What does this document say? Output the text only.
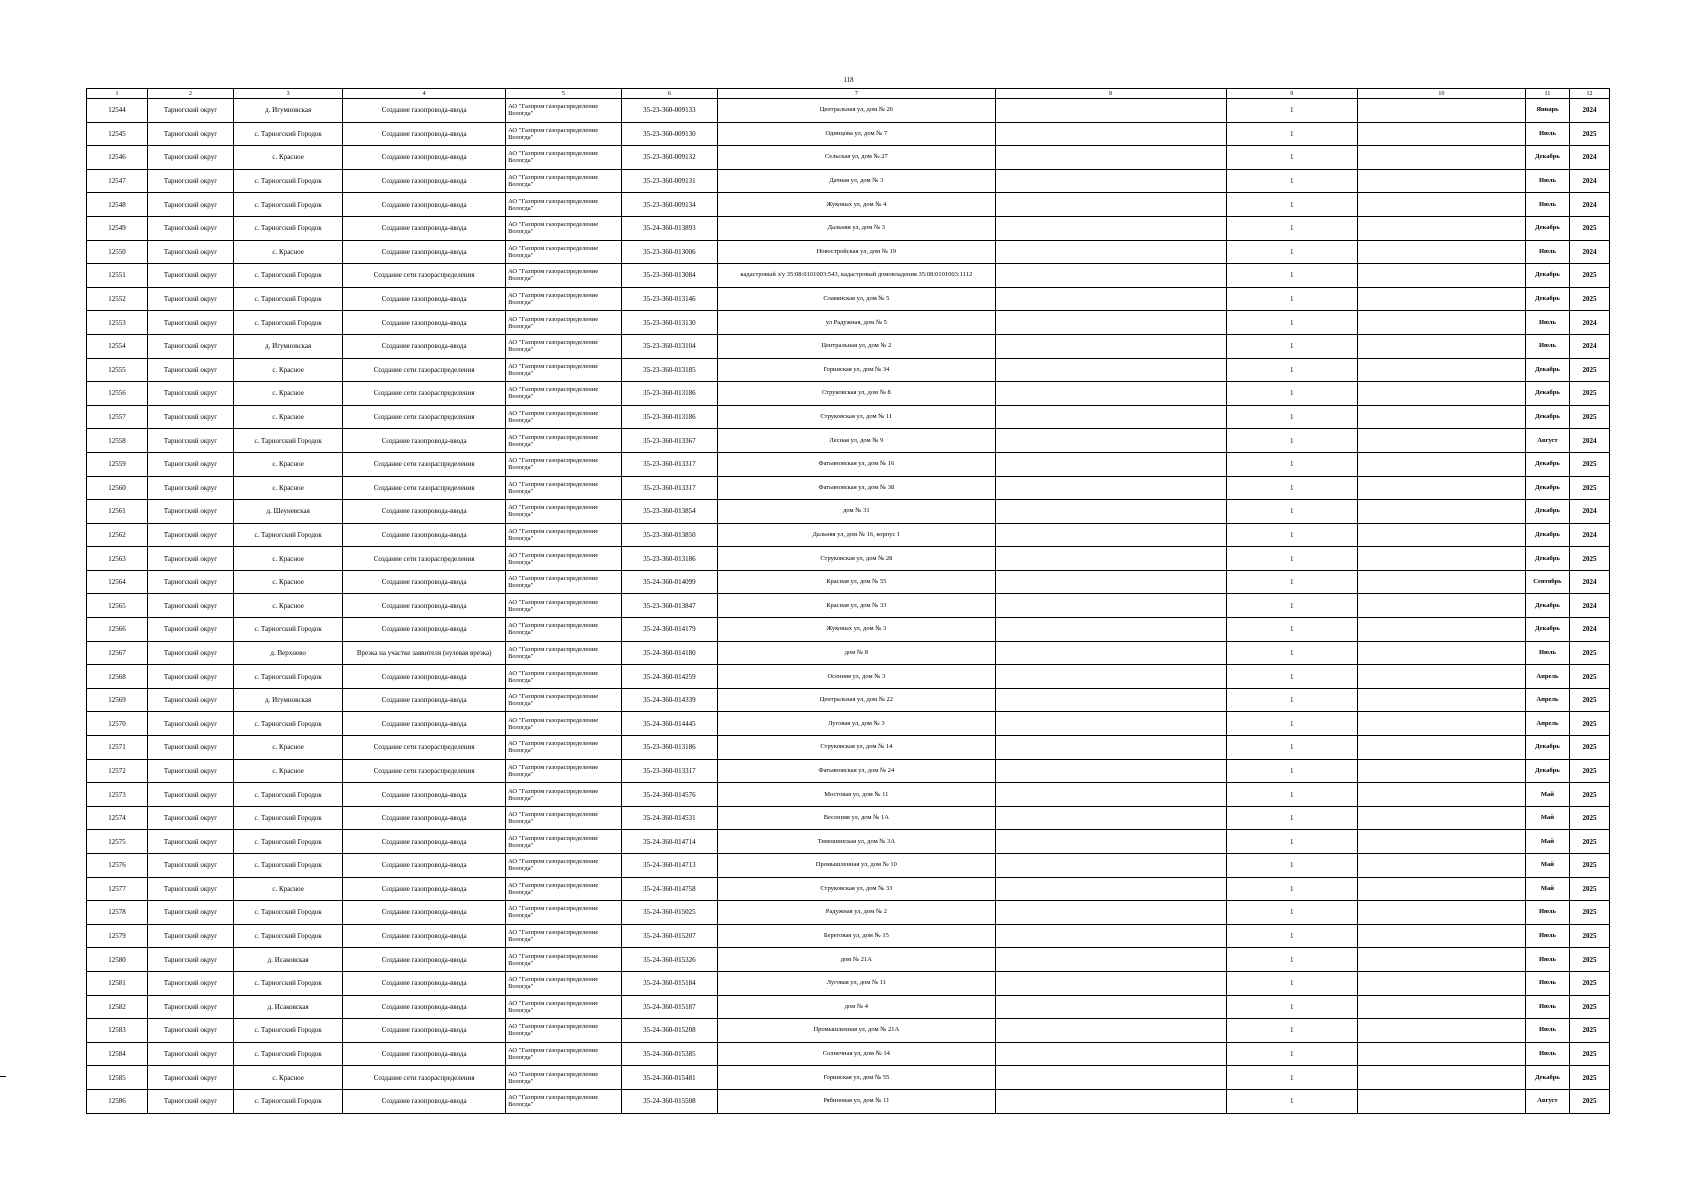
118
1	2	3	4	5	6	7	8	9	10	11	12
12544	Тарногский округ	д. Игумновская	Создание газопровода-ввода	АО "Газпром газораспределение Вологда"	35-23-360-009133	Центральная ул, дом № 26		1		Январь	2024
12545	Тарногский округ	с. Тарногский Городок	Создание газопровода-ввода	АО "Газпром газораспределение Вологда"	35-23-360-009130	Одинцова ул, дом № 7		1		Июль	2025
12546	Тарногский округ	с. Красное	Создание газопровода-ввода	АО "Газпром газораспределение Вологда"	35-23-360-009132	Сельская ул, дом № 27		1		Декабрь	2024
12547	Тарногский округ	с. Тарногский Городок	Создание газопровода-ввода	АО "Газпром газораспределение Вологда"	35-23-360-009131	Дачная ул, дом № 3		1		Июль	2024
12548	Тарногский округ	с. Тарногский Городок	Создание газопровода-ввода	АО "Газпром газораспределение Вологда"	35-23-360-009134	Жуковых ул, дом № 4		1		Июль	2024
12549	Тарногский округ	с. Тарногский Городок	Создание газопровода-ввода	АО "Газпром газораспределение Вологда"	35-24-360-013893	Дальняя ул, дом № 3		1		Декабрь	2025
12550	Тарногский округ	с. Красное	Создание газопровода-ввода	АО "Газпром газораспределение Вологда"	35-23-360-013006	Новостройская ул, дом № 19		1		Июль	2024
12551	Тарногский округ	с. Тарногский Городок	Создание сети газораспределения	АО "Газпром газораспределение Вологда"	35-23-360-013084	кадастровый з/у 35:08:0101003:543, кадастровый домовладения 35:08:0101003:1112		1		Декабрь	2025
12552	Тарногский округ	с. Тарногский Городок	Создание газопровода-ввода	АО "Газпром газораспределение Вологда"	35-23-360-013146	Славянская ул, дом № 5		1		Декабрь	2025
12553	Тарногский округ	с. Тарногский Городок	Создание газопровода-ввода	АО "Газпром газораспределение Вологда"	35-23-360-013130	ул Радужная, дом № 5		1		Июль	2024
12554	Тарногский округ	д. Игумновская	Создание газопровода-ввода	АО "Газпром газораспределение Вологда"	35-23-360-013104	Центральная ул, дом № 2		1		Июль	2024
12555	Тарногский округ	с. Красное	Создание сети газораспределения	АО "Газпром газораспределение Вологда"	35-23-360-013185	Горинская ул, дом № 34		1		Декабрь	2025
12556	Тарногский округ	с. Красное	Создание сети газораспределения	АО "Газпром газораспределение Вологда"	35-23-360-013186	Струковская ул, дом № 8		1		Декабрь	2025
12557	Тарногский округ	с. Красное	Создание сети газораспределения	АО "Газпром газораспределение Вологда"	35-23-360-013186	Струковская ул, дом № 11		1		Декабрь	2025
12558	Тарногский округ	с. Тарногский Городок	Создание газопровода-ввода	АО "Газпром газораспределение Вологда"	35-23-360-013367	Лесная ул, дом № 9		1		Август	2024
12559	Тарногский округ	с. Красное	Создание сети газораспределения	АО "Газпром газораспределение Вологда"	35-23-360-013317	Фатьяновская ул, дом № 16		1		Декабрь	2025
12560	Тарногский округ	с. Красное	Создание сети газораспределения	АО "Газпром газораспределение Вологда"	35-23-360-013317	Фатьяновская ул, дом № 38		1		Декабрь	2025
12561	Тарногский округ	д. Шеуневская	Создание газопровода-ввода	АО "Газпром газораспределение Вологда"	35-23-360-013854	дом № 31		1		Декабрь	2024
12562	Тарногский округ	с. Тарногский Городок	Создание газопровода-ввода	АО "Газпром газораспределение Вологда"	35-23-360-013850	Дальняя ул, дом № 16, корпус 1		1		Декабрь	2024
12563	Тарногский округ	с. Красное	Создание сети газораспределения	АО "Газпром газораспределение Вологда"	35-23-360-013186	Струковская ул, дом № 28		1		Декабрь	2025
12564	Тарногский округ	с. Красное	Создание газопровода-ввода	АО "Газпром газораспределение Вологда"	35-24-360-014099	Красная ул, дом № 55		1		Сентябрь	2024
12565	Тарногский округ	с. Красное	Создание газопровода-ввода	АО "Газпром газораспределение Вологда"	35-23-360-013847	Красная ул, дом № 33		1		Декабрь	2024
12566	Тарногский округ	с. Тарногский Городок	Создание газопровода-ввода	АО "Газпром газораспределение Вологда"	35-24-360-014179	Жуковых ул, дом № 3		1		Декабрь	2024
12567	Тарногский округ	д. Верхнево	Врезка на участке заявителя (нулевая врезка)	АО "Газпром газораспределение Вологда"	35-24-360-014180	дом № 8		1		Июль	2025
12568	Тарногский округ	с. Тарногский Городок	Создание газопровода-ввода	АО "Газпром газораспределение Вологда"	35-24-360-014259	Осенняя ул, дом № 3		1		Апрель	2025
12569	Тарногский округ	д. Игумновская	Создание газопровода-ввода	АО "Газпром газораспределение Вологда"	35-24-360-014339	Центральная ул, дом № 22		1		Апрель	2025
12570	Тарногский округ	с. Тарногский Городок	Создание газопровода-ввода	АО "Газпром газораспределение Вологда"	35-24-360-014445	Луговая ул, дом № 3		1		Апрель	2025
12571	Тарногский округ	с. Красное	Создание сети газораспределения	АО "Газпром газораспределение Вологда"	35-23-360-013186	Струковская ул, дом № 14		1		Декабрь	2025
12572	Тарногский округ	с. Красное	Создание сети газораспределения	АО "Газпром газораспределение Вологда"	35-23-360-013317	Фатьяновская ул, дом № 24		1		Декабрь	2025
12573	Тарногский округ	с. Тарногский Городок	Создание газопровода-ввода	АО "Газпром газораспределение Вологда"	35-24-360-014576	Мостовая ул, дом № 11		1		Май	2025
12574	Тарногский округ	с. Тарногский Городок	Создание газопровода-ввода	АО "Газпром газораспределение Вологда"	35-24-360-014531	Весенняя ул, дом № 1А		1		Май	2025
12575	Тарногский округ	с. Тарногский Городок	Создание газопровода-ввода	АО "Газпром газораспределение Вологда"	35-24-360-014714	Тимошинская ул, дом № 3А		1		Май	2025
12576	Тарногский округ	с. Тарногский Городок	Создание газопровода-ввода	АО "Газпром газораспределение Вологда"	35-24-360-014713	Промышленная ул, дом № 10		1		Май	2025
12577	Тарногский округ	с. Красное	Создание газопровода-ввода	АО "Газпром газораспределение Вологда"	35-24-360-014758	Струковская ул, дом № 33		1		Май	2025
12578	Тарногский округ	с. Тарногский Городок	Создание газопровода-ввода	АО "Газпром газораспределение Вологда"	35-24-360-015025	Радужная ул, дом № 2		1		Июль	2025
12579	Тарногский округ	с. Тарногский Городок	Создание газопровода-ввода	АО "Газпром газораспределение Вологда"	35-24-360-015207	Береговая ул, дом № 15		1		Июль	2025
12580	Тарногский округ	д. Исаковская	Создание газопровода-ввода	АО "Газпром газораспределение Вологда"	35-24-360-015326	дом № 21А		1		Июль	2025
12581	Тарногский округ	с. Тарногский Городок	Создание газопровода-ввода	АО "Газпром газораспределение Вологда"	35-24-360-015184	Луговая ул, дом № 11		1		Июль	2025
12582	Тарногский округ	д. Исаковская	Создание газопровода-ввода	АО "Газпром газораспределение Вологда"	35-24-360-015187	дом № 4		1		Июль	2025
12583	Тарногский округ	с. Тарногский Городок	Создание газопровода-ввода	АО "Газпром газораспределение Вологда"	35-24-360-015208	Промышленная ул, дом № 21А		1		Июль	2025
12584	Тарногский округ	с. Тарногский Городок	Создание газопровода-ввода	АО "Газпром газораспределение Вологда"	35-24-360-015385	Солнечная ул, дом № 14		1		Июль	2025
12585	Тарногский округ	с. Красное	Создание сети газораспределения	АО "Газпром газораспределение Вологда"	35-24-360-015481	Горинская ул, дом № 55		1		Декабрь	2025
12586	Тарногский округ	с. Тарногский Городок	Создание газопровода-ввода	АО "Газпром газораспределение Вологда"	35-24-360-015508	Рябиновая ул, дом № 11		1		Август	2025
